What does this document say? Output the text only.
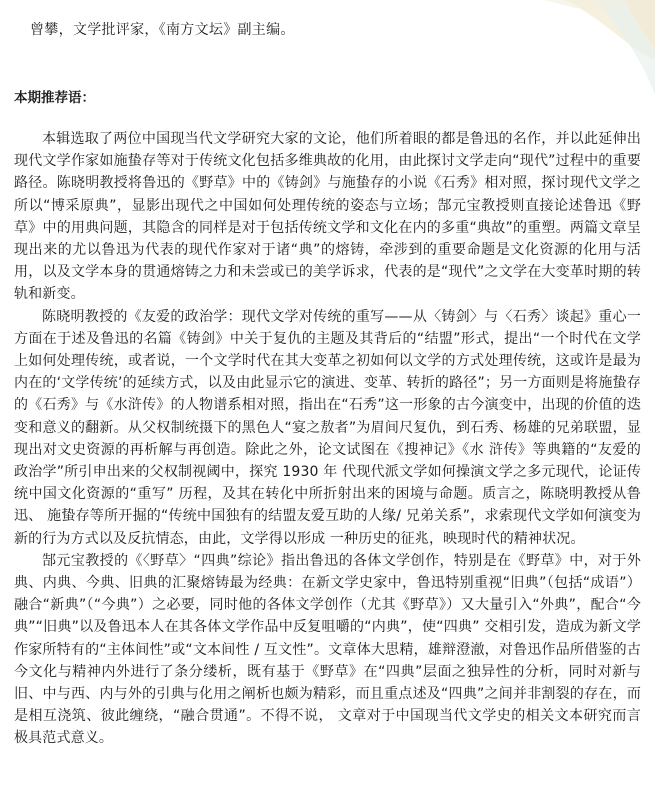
曾攀，文学批评家，《南方文坛》副主编。

本期推荐语：

本辑选取了两位中国现当代文学研究大家的文论，他们所着眼的都是鲁迅的名作，并以此延伸出现代文学作家如施蛰存等对于传统文化包括多维典故的化用，由此探讨文学走向“现代”过程中的重要路径。陈晓明教授将鲁迅的《野草》中的《铸剑》与施蛰存的小说《石秀》相对照，探讨现代文学之所以“博采原典”，显影出现代之中国如何处理传统的姿态与立场；郜元宝教授则直接论述鲁迅《野草》中的用典问题，其隐含的同样是对于包括传统文学和文化在内的多重“典故”的重塑。两篇文章呈现出来的尤以鲁迅为代表的现代作家对于诸“典”的熔铸，牵涉到的重要命题是文化资源的化用与活用，以及文学本身的贯通熔铸之力和未尝或已的美学诉求，代表的是“现代”之文学在大变革时期的转轨和新变。

陈晓明教授的《友爱的政治学：现代文学对传统的重写——从〈铸剑〉与〈石秀〉谈起》重心一方面在于述及鲁迅的名篇《铸剑》中关于复仇的主题及其背后的“结盟”形式，提出“一个时代在文学上如何处理传统，或者说，一个文学时代在其大变革之初如何以文学的方式处理传统，这或许是最为内在的‘文学传统’的延续方式，以及由此显示它的演进、变革、转折的路径”；另一方面则是将施蛰存的《石秀》与《水浒传》的人物谱系相对照，指出在“石秀”这一形象的古今演变中，出现的价值的迭变和意义的翻新。从父权制统摄下的黑色人“宴之敖者”为眉间尺复仇，到石秀、杨雄的兄弟联盟，显现出对文史资源的再析解与再创造。除此之外，论文试图在《搜神记》《水 浒传》等典籍的“友爱的政治学”所引申出来的父权制视阈中，探究 1930 年 代现代派文学如何操演文学之多元现代，论证传统中国文化资源的“重写” 历程，及其在转化中所折射出来的困境与命题。质言之，陈晓明教授从鲁迅、 施蛰存等所开掘的“传统中国独有的结盟友爱互助的人缘/ 兄弟关系”，求索现代文学如何演变为新的行为方式以及反抗情态，由此，文学得以形成 一种历史的征兆，映现时代的精神状况。

郜元宝教授的《〈野草〉“四典”综论》指出鲁迅的各体文学创作，特别是在《野草》中，对于外典、内典、今典、旧典的汇聚熔铸最为经典：在新文学史家中，鲁迅特别重视“旧典”（包括“成语”）融合“新典”（“今典”）之必要，同时他的各体文学创作（尤其《野草》）又大量引入“外典”，配合“今 典”“旧典”以及鲁迅本人在其各体文学作品中反复咀嚼的“内典”，使“四典” 交相引发，造成为新文学作家所特有的“主体间性”或“文本间性 / 互文性”。文章体大思精，雄辩澄澈，对鲁迅作品所借鉴的古今文化与精神内外进行了条分缕析，既有基于《野草》在“四典”层面之独异性的分析，同时对新与旧、中与西、内与外的引典与化用之阐析也颇为精彩，而且重点述及“四典”之间并非割裂的存在，而是相互浇筑、彼此缠绕，“融合贯通”。不得不说， 文章对于中国现当代文学史的相关文本研究而言极具范式意义。
